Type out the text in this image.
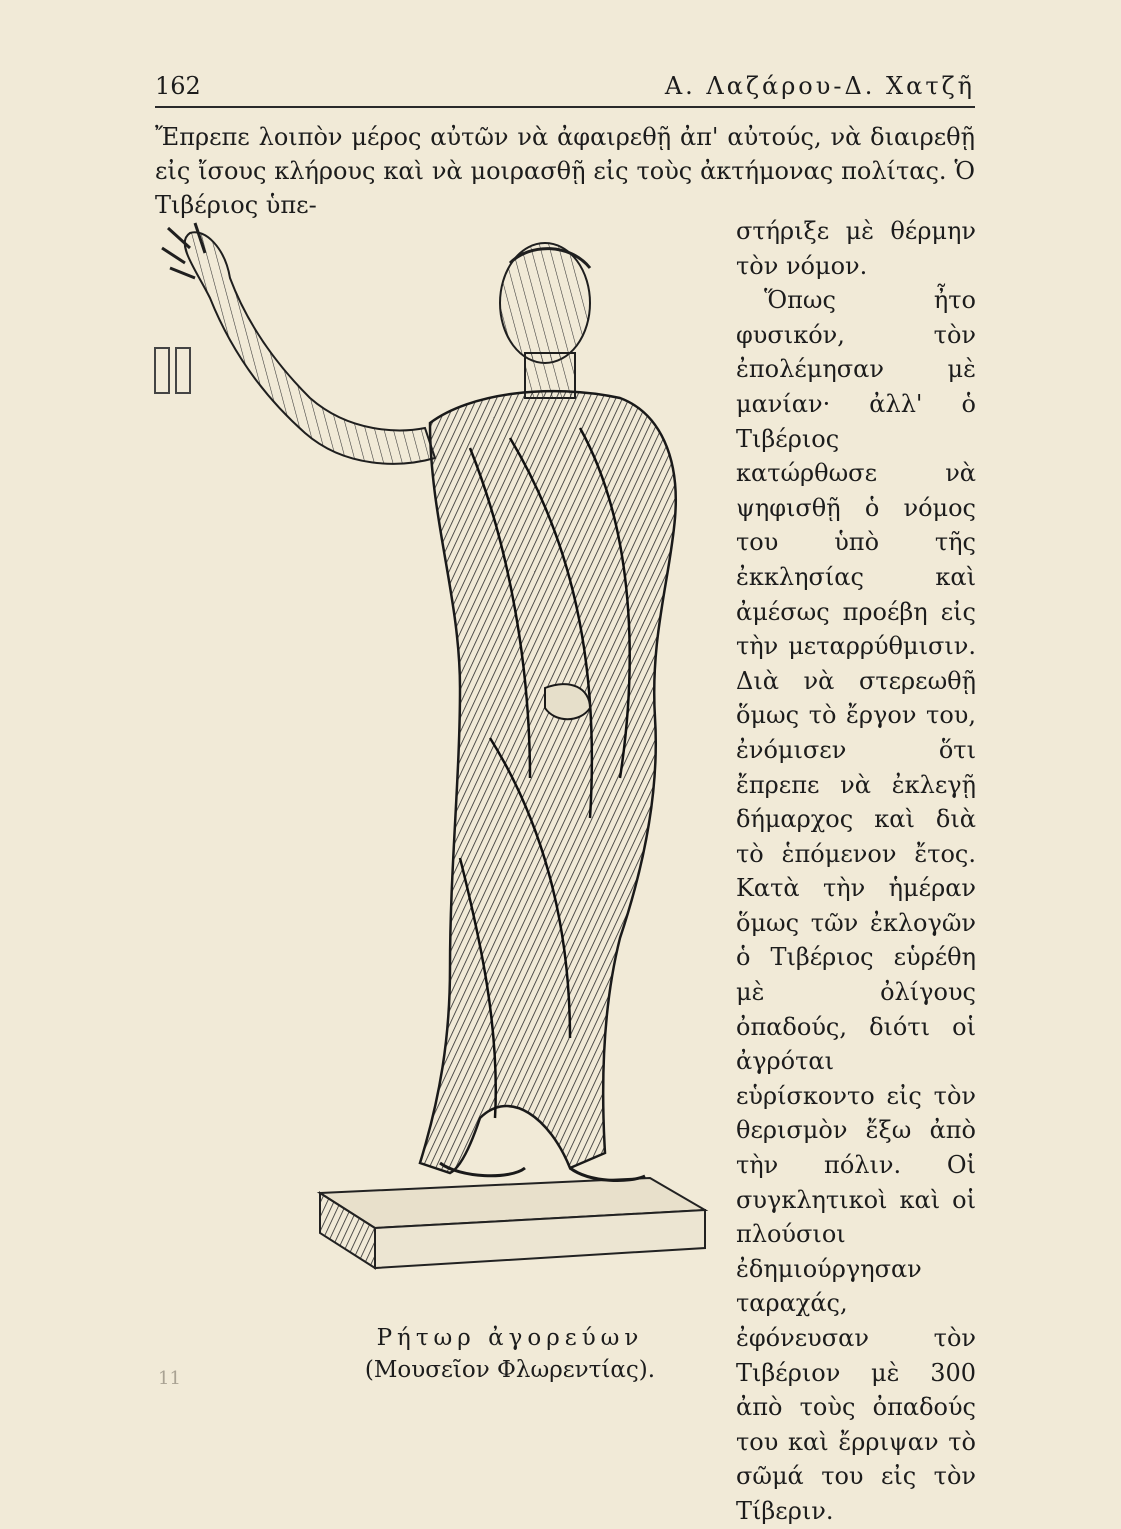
162	Α. Λαζάρου-Δ. Χατζῆ
Ἔπρεπε λοιπὸν μέρος αὐτῶν νὰ ἀφαιρεθῇ ἀπ' αὐτούς, νὰ διαιρεθῇ εἰς ἴσους κλήρους καὶ νὰ μοιρασθῇ εἰς τοὺς ἀκτήμονας πολίτας. Ὁ Τιβέριος ὑπε-

στήριξε μὲ θέρμην τὸν νόμον.

Ὅπως ἦτο φυσικόν, τὸν ἐπολέμησαν μὲ μανίαν· ἀλλ' ὁ Τιβέριος κατώρθωσε νὰ ψηφισθῇ ὁ νόμος του ὑπὸ τῆς ἐκκλησίας καὶ ἀμέσως προέβη εἰς τὴν μεταρρύθμισιν. Διὰ νὰ στερεωθῇ ὅμως τὸ ἔργον του, ἐνόμισεν ὅτι ἔπρεπε νὰ ἐκλεγῇ δήμαρχος καὶ διὰ τὸ ἑπόμενον ἔτος. Κατὰ τὴν ἡμέραν ὅμως τῶν ἐκλογῶν ὁ Τιβέριος εὑρέθη μὲ ὀλίγους ὀπαδούς, διότι οἱ ἀγρόται εὑρίσκοντο εἰς τὸν θερισμὸν ἔξω ἀπὸ τὴν πόλιν. Οἱ συγκλητικοὶ καὶ οἱ πλούσιοι ἐδημιούργησαν ταραχάς, ἐφόνευσαν τὸν Τιβέριον μὲ 300 ἀπὸ τοὺς ὀπαδούς του καὶ ἔρριψαν τὸ σῶμά του εἰς τὸν Τίβεριν.

Ρήτωρ ἀγορεύων
(Μουσεῖον Φλωρεντίας).
11
